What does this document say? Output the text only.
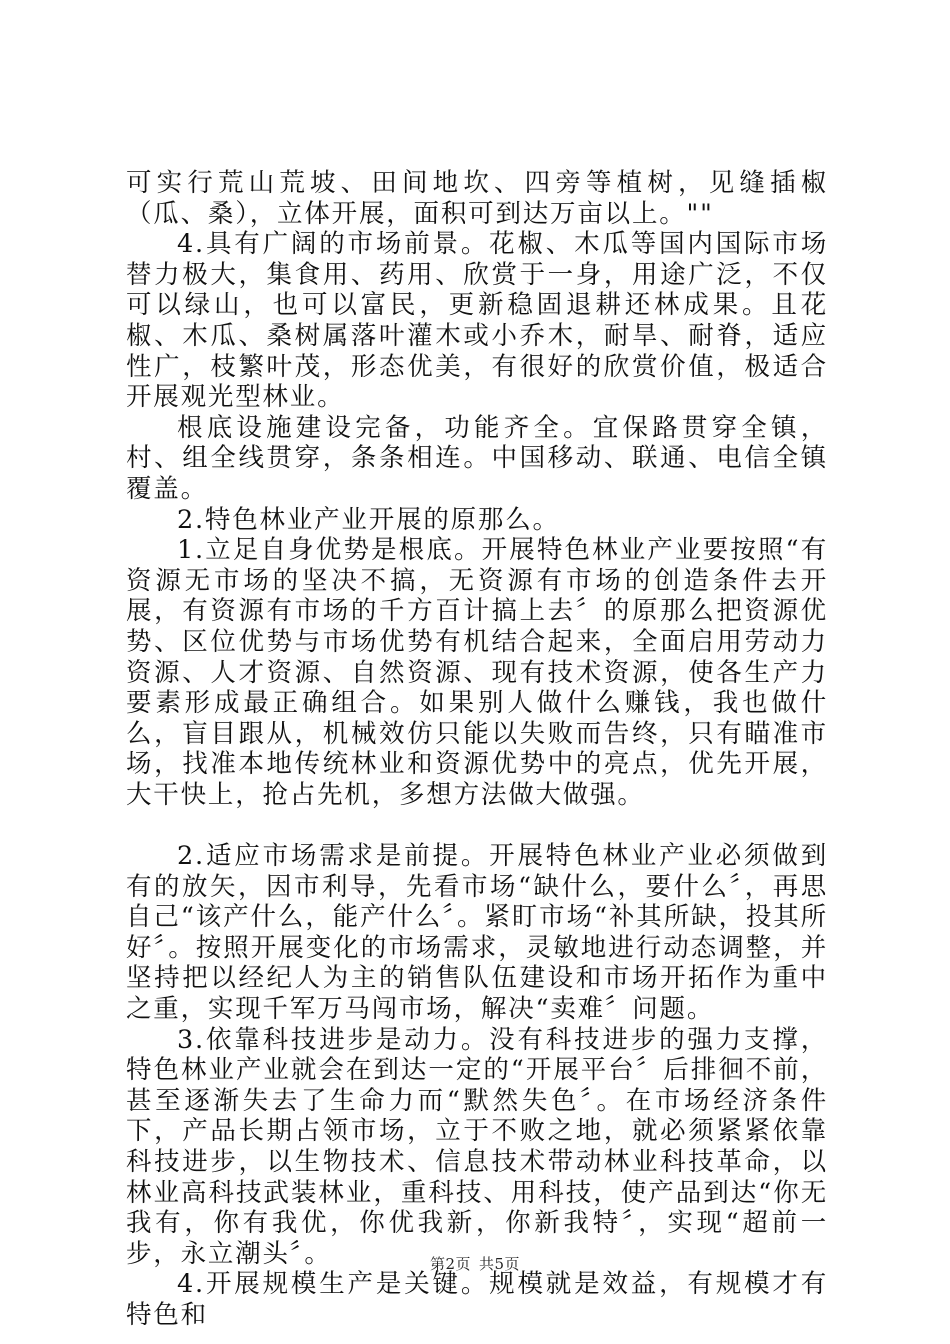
可实行荒山荒坡、田间地坎、四旁等植树，见缝插椒（瓜、桑），立体开展，面积可到达万亩以上。""

4.具有广阔的市场前景。花椒、木瓜等国内国际市场替力极大，集食用、药用、欣赏于一身，用途广泛，不仅可以绿山，也可以富民，更新稳固退耕还林成果。且花椒、木瓜、桑树属落叶灌木或小乔木，耐旱、耐脊，适应性广，枝繁叶茂，形态优美，有很好的欣赏价值，极适合开展观光型林业。

根底设施建设完备，功能齐全。宜保路贯穿全镇，村、组全线贯穿，条条相连。中国移动、联通、电信全镇覆盖。

2.特色林业产业开展的原那么。

1.立足自身优势是根底。开展特色林业产业要按照“有资源无市场的坚决不搞，无资源有市场的创造条件去开展，有资源有市场的千方百计搞上去〞的原那么把资源优势、区位优势与市场优势有机结合起来，全面启用劳动力资源、人才资源、自然资源、现有技术资源，使各生产力要素形成最正确组合。如果别人做什么赚钱，我也做什么，盲目跟从，机械效仿只能以失败而告终，只有瞄准市场，找准本地传统林业和资源优势中的亮点，优先开展，大干快上，抢占先机，多想方法做大做强。

2.适应市场需求是前提。开展特色林业产业必须做到有的放矢，因市利导，先看市场“缺什么，要什么〞，再思自己“该产什么，能产什么〞。紧盯市场“补其所缺，投其所好〞。按照开展变化的市场需求，灵敏地进行动态调整，并坚持把以经纪人为主的销售队伍建设和市场开拓作为重中之重，实现千军万马闯市场，解决“卖难〞问题。

3.依靠科技进步是动力。没有科技进步的强力支撑，特色林业产业就会在到达一定的“开展平台〞后排徊不前，甚至逐渐失去了生命力而“默然失色〞。在市场经济条件下，产品长期占领市场，立于不败之地，就必须紧紧依靠科技进步，以生物技术、信息技术带动林业科技革命，以林业高科技武装林业，重科技、用科技，使产品到达“你无我有，你有我优，你优我新，你新我特〞，实现“超前一步，永立潮头〞。

4.开展规模生产是关键。规模就是效益，有规模才有特色和

第2页 共5页
